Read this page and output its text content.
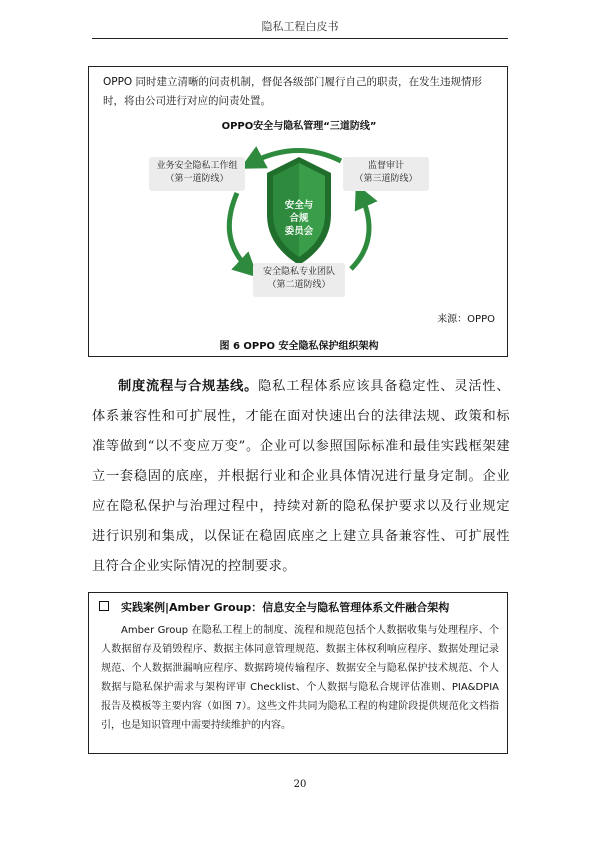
隐私工程白皮书

OPPO 同时建立清晰的问责机制，督促各级部门履行自己的职责，在发生违规情形时，将由公司进行对应的问责处置。

OPPO安全与隐私管理“三道防线”
安全与
合规
委员会
业务安全隐私工作组
（第一道防线）
监督审计
（第三道防线）
安全隐私专业团队
（第二道防线）
来源：OPPO
图 6 OPPO 安全隐私保护组织架构

制度流程与合规基线。隐私工程体系应该具备稳定性、灵活性、体系兼容性和可扩展性，才能在面对快速出台的法律法规、政策和标准等做到“以不变应万变”。企业可以参照国际标准和最佳实践框架建立一套稳固的底座，并根据行业和企业具体情况进行量身定制。企业应在隐私保护与治理过程中，持续对新的隐私保护要求以及行业规定进行识别和集成，以保证在稳固底座之上建立具备兼容性、可扩展性且符合企业实际情况的控制要求。

实践案例|Amber Group：信息安全与隐私管理体系文件融合架构

Amber Group 在隐私工程上的制度、流程和规范包括个人数据收集与处理程序、个人数据留存及销毁程序、数据主体同意管理规范、数据主体权利响应程序、数据处理记录规范、个人数据泄漏响应程序、数据跨境传输程序、数据安全与隐私保护技术规范、个人数据与隐私保护需求与架构评审 Checklist、个人数据与隐私合规评估准则、PIA&DPIA 报告及模板等主要内容（如图 7）。这些文件共同为隐私工程的构建阶段提供规范化文档指引，也是知识管理中需要持续维护的内容。

20
